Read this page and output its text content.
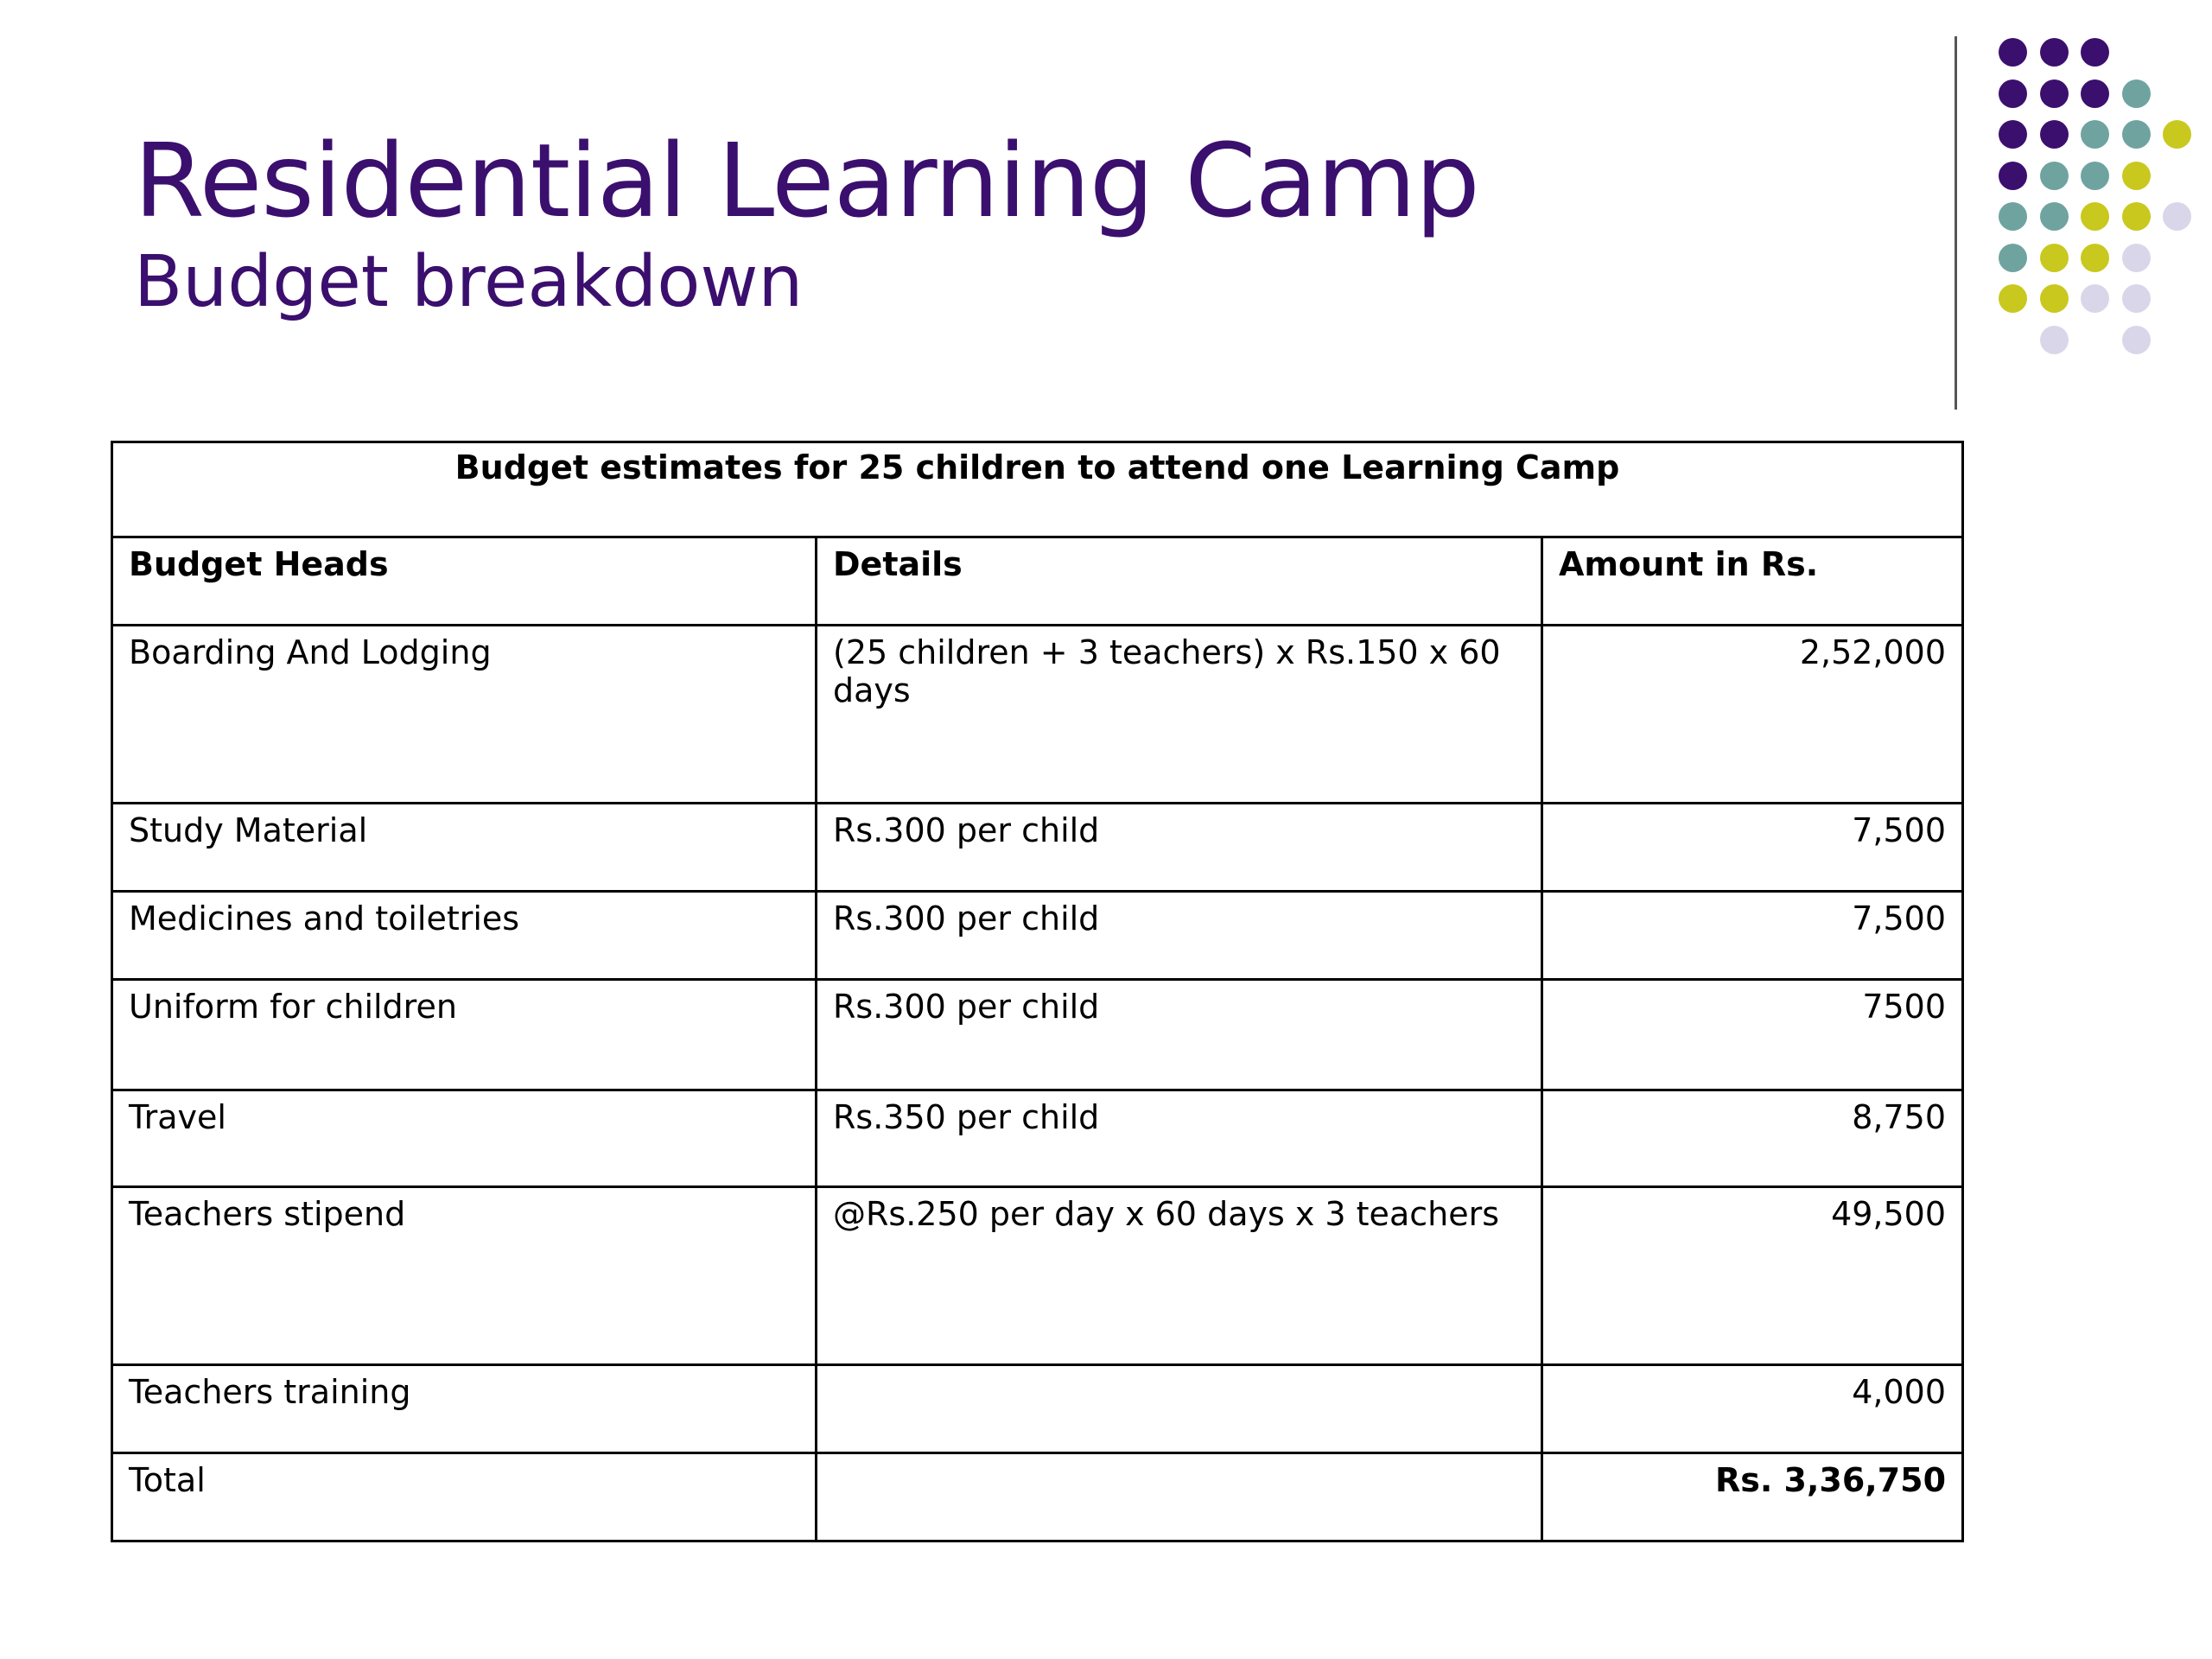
Residential Learning Camp
Budget breakdown
Budget estimates for 25 children to attend one Learning Camp		
Budget Heads	Details	Amount in Rs.
Boarding And Lodging	(25 children + 3 teachers) x Rs.150 x 60 days	2,52,000
Study Material	Rs.300 per child	7,500
Medicines and toiletries	Rs.300 per child	7,500
Uniform for children	Rs.300 per child	7500
Travel	Rs.350 per child	8,750
Teachers stipend	@Rs.250 per day x 60 days x 3 teachers	49,500
Teachers training		4,000
Total		Rs. 3,36,750
